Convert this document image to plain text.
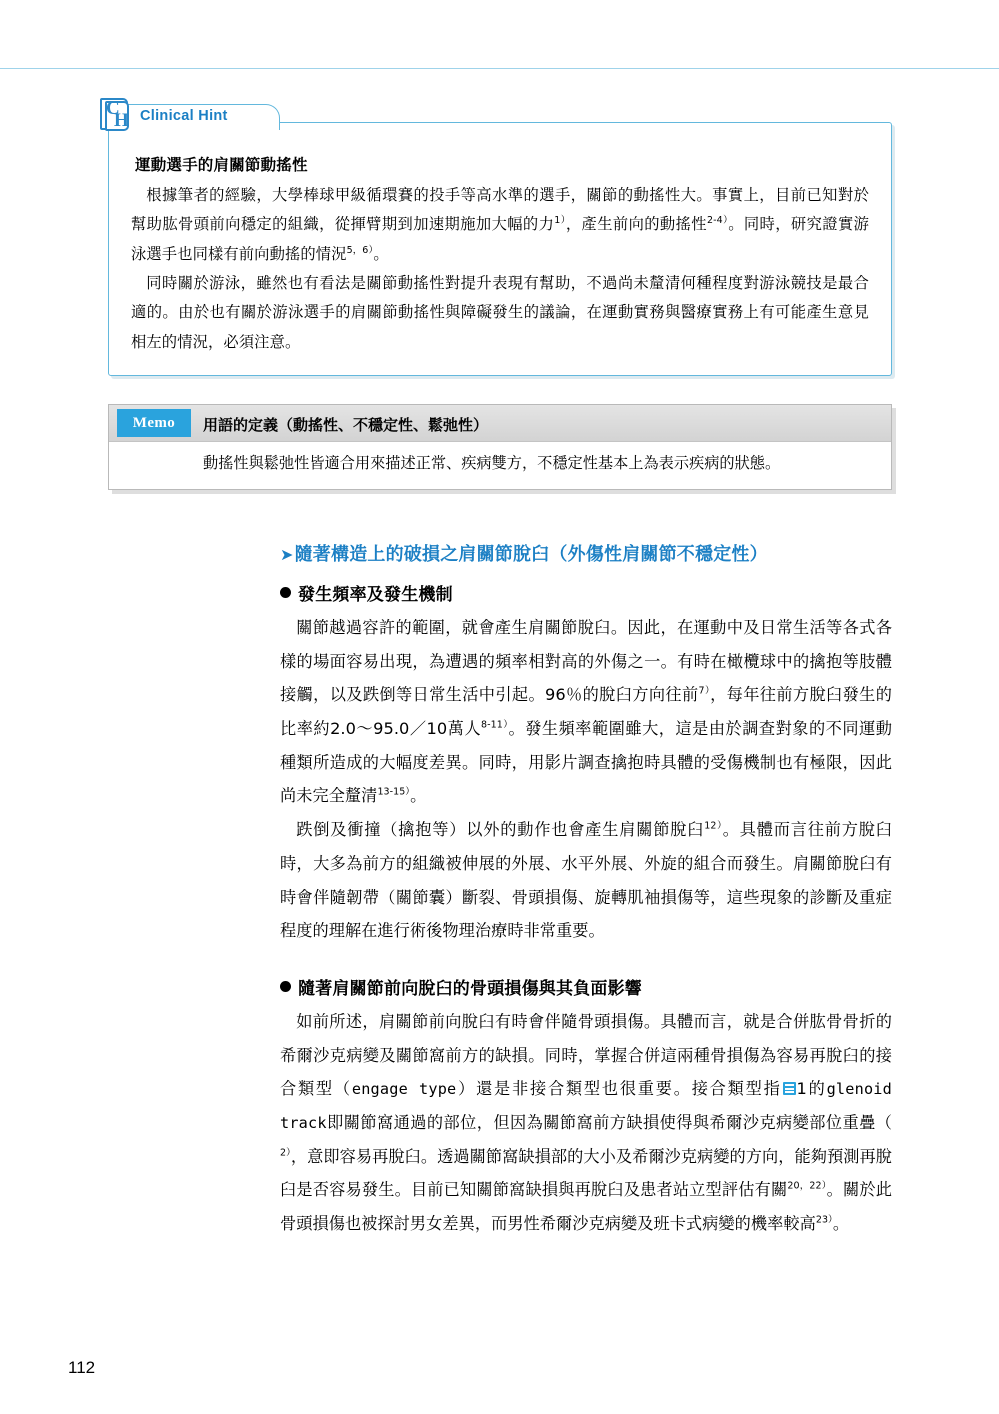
C
H Clinical Hint
運動選手的肩關節動搖性

根據筆者的經驗，大學棒球甲級循環賽的投手等高水準的選手，關節的動搖性大。事實上，目前已知對於幫助肱骨頭前向穩定的組織，從揮臂期到加速期施加大幅的力$^{1)}$，產生前向的動搖性$^{2-4)}$。同時，研究證實游泳選手也同樣有前向動搖的情況$^{5,6)}$。

同時關於游泳，雖然也有看法是關節動搖性對提升表現有幫助，不過尚未釐清何種程度對游泳競技是最合適的。由於也有關於游泳選手的肩關節動搖性與障礙發生的議論，在運動實務與醫療實務上有可能產生意見相左的情況，必須注意。

Memo	用語的定義（動搖性、不穩定性、鬆弛性）
動搖性與鬆弛性皆適合用來描述正常、疾病雙方，不穩定性基本上為表示疾病的狀態。
➤隨著構造上的破損之肩關節脫臼（外傷性肩關節不穩定性）
發生頻率及發生機制

關節越過容許的範圍，就會產生肩關節脫臼。因此，在運動中及日常生活等各式各樣的場面容易出現，為遭遇的頻率相對高的外傷之一。有時在橄欖球中的擒抱等肢體接觸，以及跌倒等日常生活中引起。96％的脫臼方向往前$^{7)}$，每年往前方脫臼發生的比率約2.0～95.0／10萬人$^{8-11)}$。發生頻率範圍雖大，這是由於調查對象的不同運動種類所造成的大幅度差異。同時，用影片調查擒抱時具體的受傷機制也有極限，因此尚未完全釐清$^{13-15)}$。

跌倒及衝撞（擒抱等）以外的動作也會產生肩關節脫臼$^{12)}$。具體而言往前方脫臼時，大多為前方的組織被伸展的外展、水平外展、外旋的組合而發生。肩關節脫臼有時會伴隨韌帶（關節囊）斷裂、骨頭損傷、旋轉肌袖損傷等，這些現象的診斷及重症程度的理解在進行術後物理治療時非常重要。

隨著肩關節前向脫臼的骨頭損傷與其負面影響

如前所述，肩關節前向脫臼有時會伴隨骨頭損傷。具體而言，就是合併肱骨骨折的希爾沙克病變及關節窩前方的缺損。同時，掌握合併這兩種骨損傷為容易再脫臼的接合類型（engage type）還是非接合類型也很重要。接合類型指 1的glenoid track即關節窩通過的部位，但因為關節窩前方缺損使得與希爾沙克病變部位重疊（ $^{2)}$，意即容易再脫臼。透過關節窩缺損部的大小及希爾沙克病變的方向，能夠預測再脫臼是否容易發生。目前已知關節窩缺損與再脫臼及患者站立型評估有關$^{20,22)}$。關於此骨頭損傷也被探討男女差異，而男性希爾沙克病變及班卡式病變的機率較高$^{23)}$。

112
